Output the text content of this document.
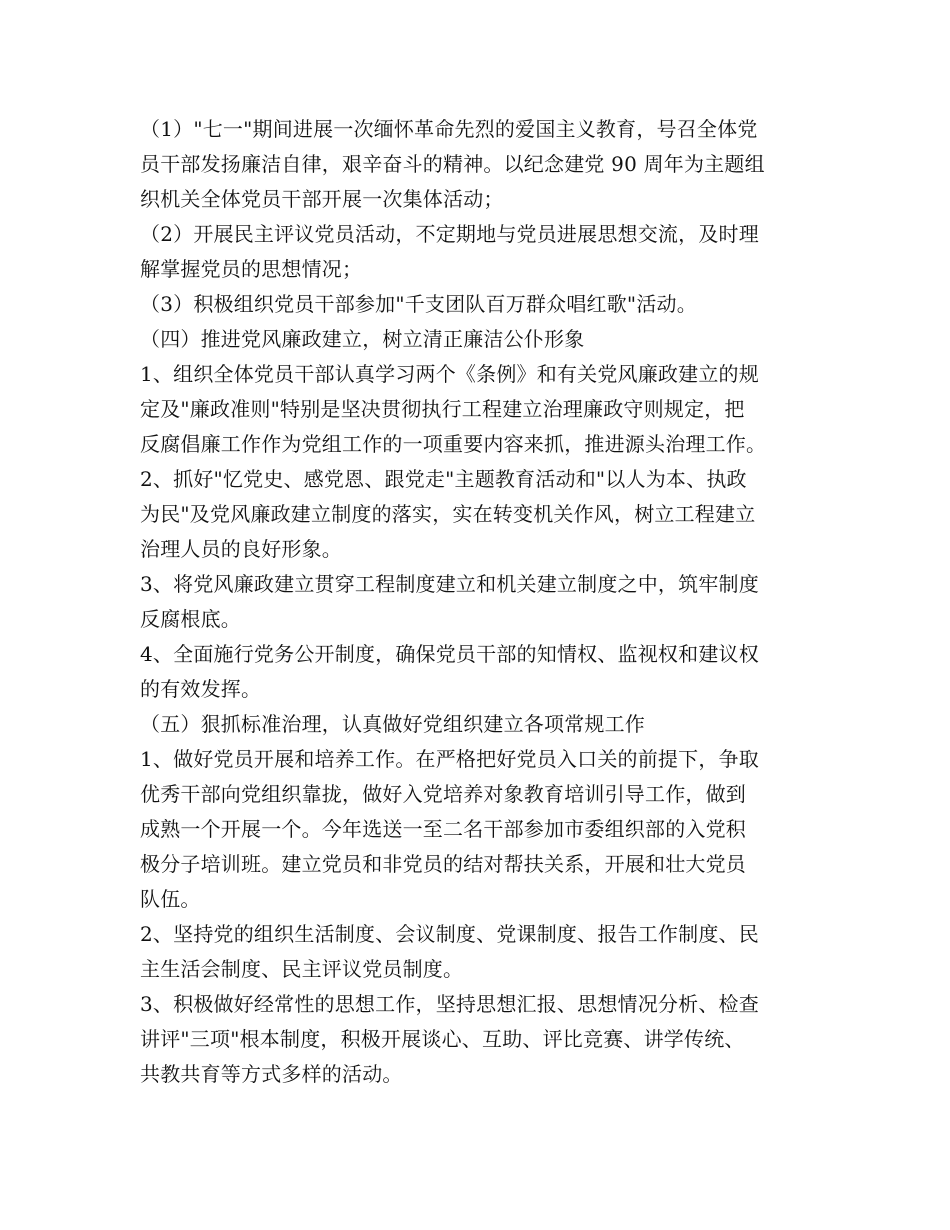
（1）"七一"期间进展一次缅怀革命先烈的爱国主义教育，号召全体党
员干部发扬廉洁自律，艰辛奋斗的精神。以纪念建党 90 周年为主题组
织机关全体党员干部开展一次集体活动；
（2）开展民主评议党员活动，不定期地与党员进展思想交流，及时理
解掌握党员的思想情况；
（3）积极组织党员干部参加"千支团队百万群众唱红歌"活动。
（四）推进党风廉政建立，树立清正廉洁公仆形象
1、组织全体党员干部认真学习两个《条例》和有关党风廉政建立的规
定及"廉政准则"特别是坚决贯彻执行工程建立治理廉政守则规定，把
反腐倡廉工作作为党组工作的一项重要内容来抓，推进源头治理工作。
2、抓好"忆党史、感党恩、跟党走"主题教育活动和"以人为本、执政
为民"及党风廉政建立制度的落实，实在转变机关作风，树立工程建立
治理人员的良好形象。
3、将党风廉政建立贯穿工程制度建立和机关建立制度之中，筑牢制度
反腐根底。
4、全面施行党务公开制度，确保党员干部的知情权、监视权和建议权
的有效发挥。
（五）狠抓标准治理，认真做好党组织建立各项常规工作
1、做好党员开展和培养工作。在严格把好党员入口关的前提下，争取
优秀干部向党组织靠拢，做好入党培养对象教育培训引导工作，做到
成熟一个开展一个。今年选送一至二名干部参加市委组织部的入党积
极分子培训班。建立党员和非党员的结对帮扶关系，开展和壮大党员
队伍。
2、坚持党的组织生活制度、会议制度、党课制度、报告工作制度、民
主生活会制度、民主评议党员制度。
3、积极做好经常性的思想工作，坚持思想汇报、思想情况分析、检查
讲评"三项"根本制度，积极开展谈心、互助、评比竞赛、讲学传统、
共教共育等方式多样的活动。
